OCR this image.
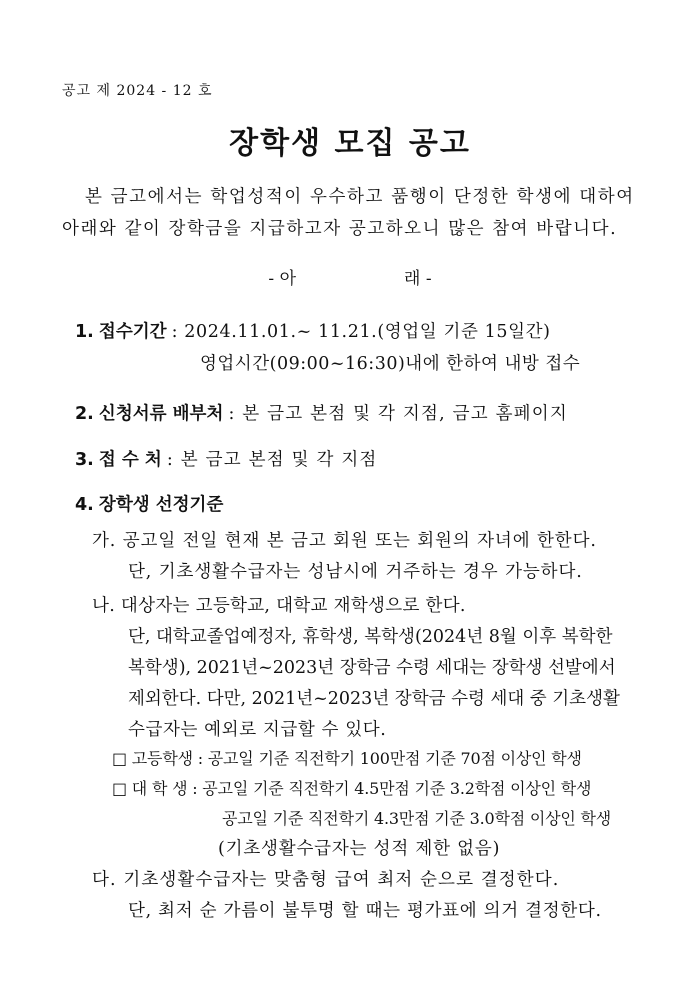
공고 제 2024 - 12 호
장학생 모집 공고
본 금고에서는 학업성적이 우수하고 품행이 단정한 학생에 대하여
아래와 같이 장학금을 지급하고자 공고하오니 많은 참여 바랍니다.
- 아	래 -
1. 접수기간 : 2024.11.01.~ 11.21.(영업일 기준 15일간)
영업시간(09:00~16:30)내에 한하여 내방 접수
2. 신청서류 배부처 : 본 금고 본점 및 각 지점, 금고 홈페이지
3. 접 수 처 : 본 금고 본점 및 각 지점
4. 장학생 선정기준
가. 공고일 전일 현재 본 금고 회원 또는 회원의 자녀에 한한다.
단, 기초생활수급자는 성남시에 거주하는 경우 가능하다.
나. 대상자는 고등학교, 대학교 재학생으로 한다.
단, 대학교졸업예정자, 휴학생, 복학생(2024년 8월 이후 복학한
복학생), 2021년~2023년 장학금 수령 세대는 장학생 선발에서
제외한다. 다만, 2021년~2023년 장학금 수령 세대 중 기초생활
수급자는 예외로 지급할 수 있다.
□ 고등학생 : 공고일 기준 직전학기 100만점 기준 70점 이상인 학생
□ 대 학 생 : 공고일 기준 직전학기 4.5만점 기준 3.2학점 이상인 학생
공고일 기준 직전학기 4.3만점 기준 3.0학점 이상인 학생
(기초생활수급자는 성적 제한 없음)
다. 기초생활수급자는 맞춤형 급여 최저 순으로 결정한다.
단, 최저 순 가름이 불투명 할 때는 평가표에 의거 결정한다.
